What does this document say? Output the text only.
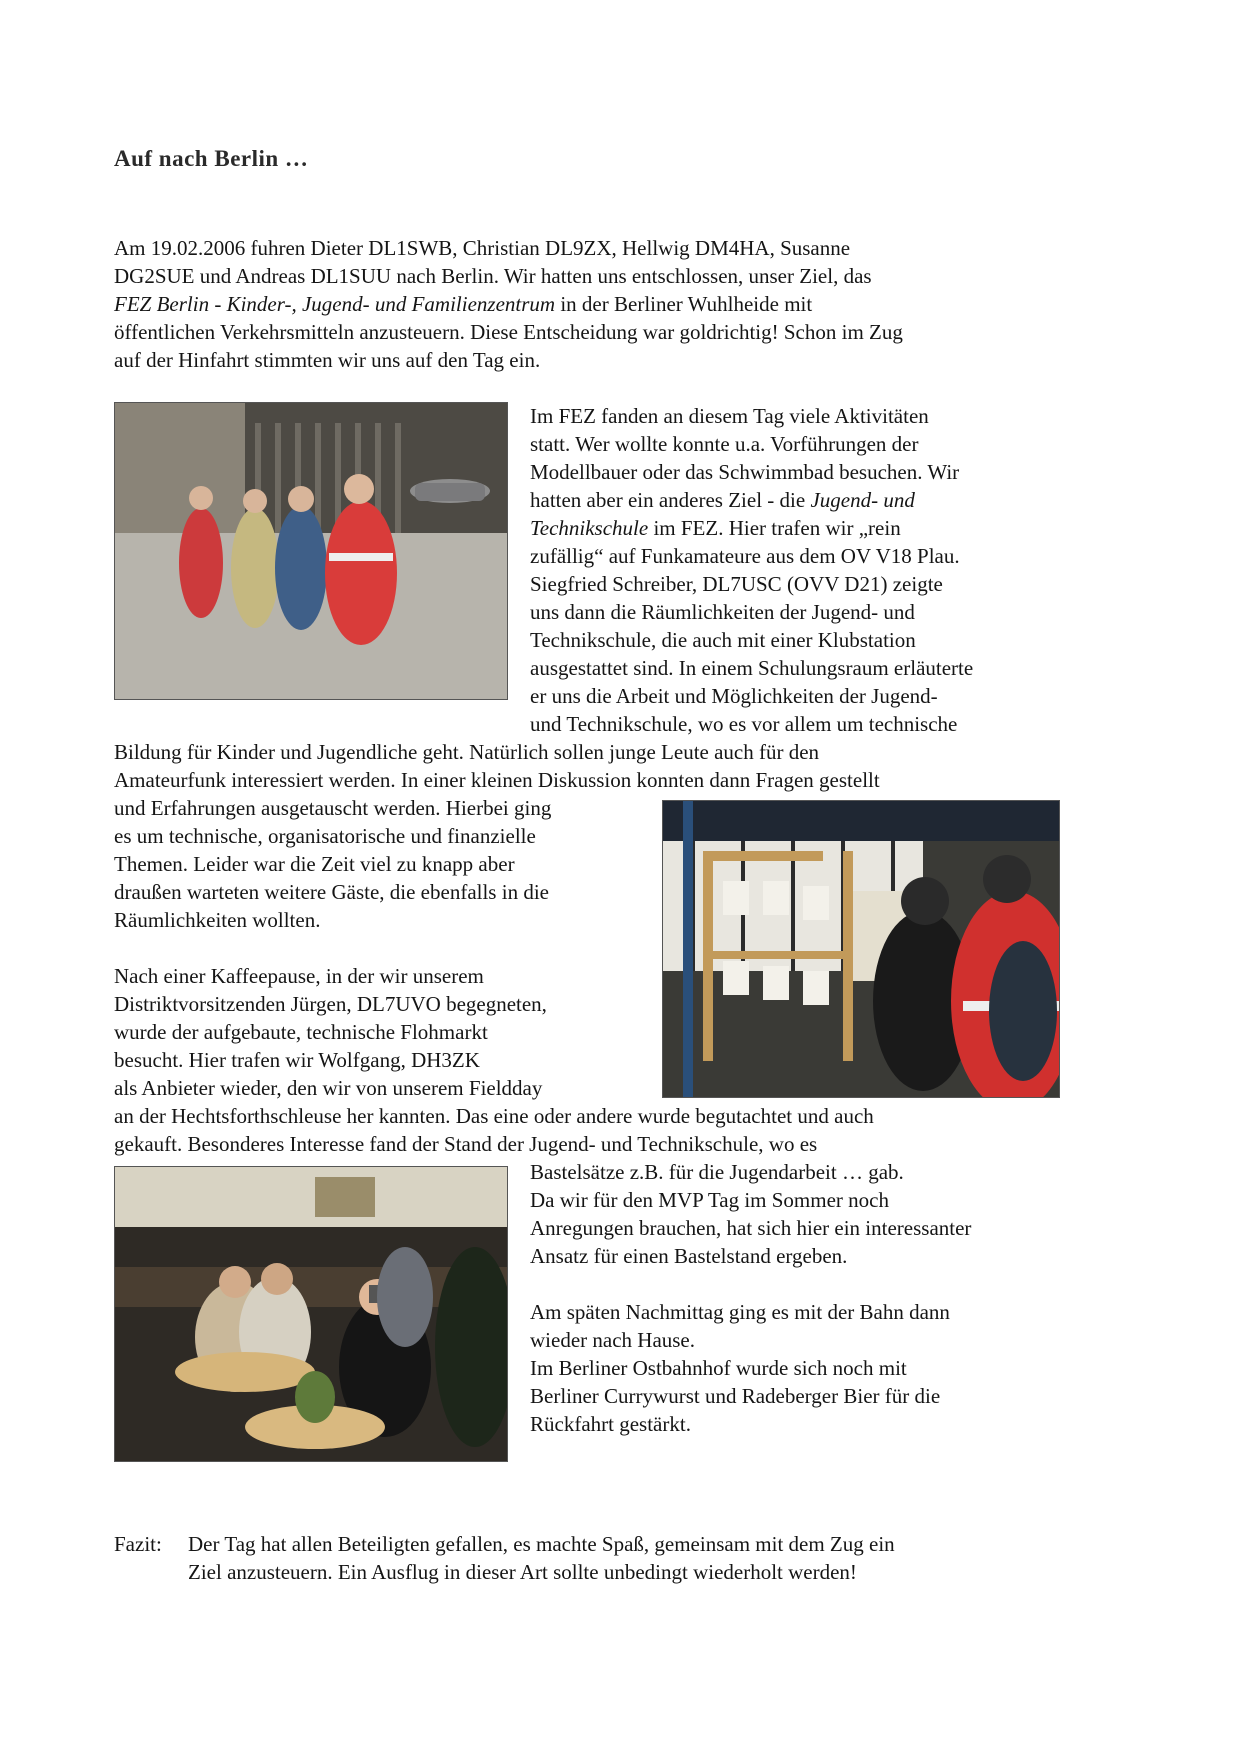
Auf nach Berlin …
Am 19.02.2006 fuhren Dieter DL1SWB, Christian DL9ZX, Hellwig DM4HA, Susanne
DG2SUE und Andreas DL1SUU nach Berlin. Wir hatten uns entschlossen, unser Ziel, das
FEZ Berlin - Kinder-, Jugend- und Familienzentrum in der Berliner Wuhlheide mit
öffentlichen Verkehrsmitteln anzusteuern. Diese Entscheidung war goldrichtig! Schon im Zug
auf der Hinfahrt stimmten wir uns auf den Tag ein.
Im FEZ fanden an diesem Tag viele Aktivitäten
statt. Wer wollte konnte u.a. Vorführungen der
Modellbauer oder das Schwimmbad besuchen. Wir
hatten aber ein anderes Ziel - die Jugend- und
Technikschule im FEZ. Hier trafen wir „rein
zufällig“ auf Funkamateure aus dem OV V18 Plau.
Siegfried Schreiber, DL7USC (OVV D21) zeigte
uns dann die Räumlichkeiten der Jugend- und
Technikschule, die auch mit einer Klubstation
ausgestattet sind. In einem Schulungsraum erläuterte
er uns die Arbeit und Möglichkeiten der Jugend-
und Technikschule, wo es vor allem um technische
Bildung für Kinder und Jugendliche geht. Natürlich sollen junge Leute auch für den
Amateurfunk interessiert werden. In einer kleinen Diskussion konnten dann Fragen gestellt
und Erfahrungen ausgetauscht werden. Hierbei ging
es um technische, organisatorische und finanzielle
Themen. Leider war die Zeit viel zu knapp aber
draußen warteten weitere Gäste, die ebenfalls in die
Räumlichkeiten wollten.
Nach einer Kaffeepause, in der wir unserem
Distriktvorsitzenden Jürgen, DL7UVO begegneten,
wurde der aufgebaute, technische Flohmarkt
besucht. Hier trafen wir Wolfgang, DH3ZK
als Anbieter wieder, den wir von unserem Fieldday
an der Hechtsforthschleuse her kannten. Das eine oder andere wurde begutachtet und auch
gekauft. Besonderes Interesse fand der Stand der Jugend- und Technikschule, wo es
Bastelsätze z.B. für die Jugendarbeit … gab.
Da wir für den MVP Tag im Sommer noch
Anregungen brauchen, hat sich hier ein interessanter
Ansatz für einen Bastelstand ergeben.
Am späten Nachmittag ging es mit der Bahn dann
wieder nach Hause.
Im Berliner Ostbahnhof wurde sich noch mit
Berliner Currywurst und Radeberger Bier für die
Rückfahrt gestärkt.
Fazit: Der Tag hat allen Beteiligten gefallen, es machte Spaß, gemeinsam mit dem Zug ein
Ziel anzusteuern. Ein Ausflug in dieser Art sollte unbedingt wiederholt werden!
